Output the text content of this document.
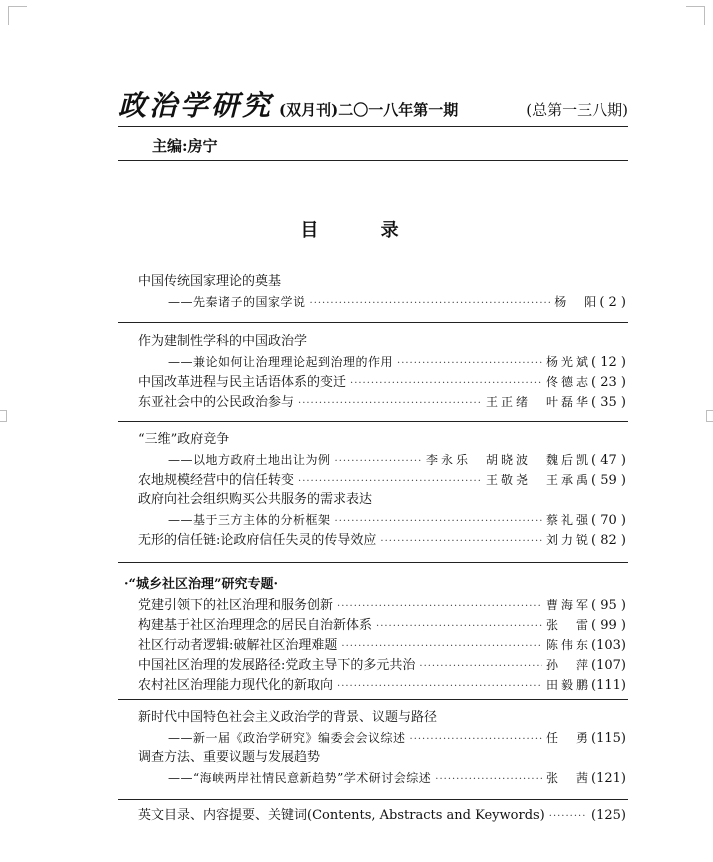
政治学研究 (双月刊)二〇一八年第一期	(总第一三八期)
主编:房宁
目 录
中国传统国家理论的奠基
——先秦诸子的国家学说 ·····	杨　阳 ( 2 )
作为建制性学科的中国政治学
——兼论如何让治理理论起到治理的作用 ·····	杨光斌 ( 12 )
中国改革进程与民主话语体系的变迁 ·····	佟德志 ( 23 )
东亚社会中的公民政治参与 ·····	王正绪　叶磊华 ( 35 )
“三维”政府竞争
——以地方政府土地出让为例 ·····	李永乐　胡晓波　魏后凯 ( 47 )
农地规模经营中的信任转变 ·····	王敬尧　王承禹 ( 59 )
政府向社会组织购买公共服务的需求表达
——基于三方主体的分析框架 ·····	蔡礼强 ( 70 )
无形的信任链:论政府信任失灵的传导效应 ·····	刘力锐 ( 82 )
·“城乡社区治理”研究专题·
党建引领下的社区治理和服务创新 ·····	曹海军 ( 95 )
构建基于社区治理理念的居民自治新体系 ·····	张　雷 ( 99 )
社区行动者逻辑:破解社区治理难题 ·····	陈伟东 (103)
中国社区治理的发展路径:党政主导下的多元共治 ·····	孙　萍 (107)
农村社区治理能力现代化的新取向 ·····	田毅鹏 (111)
新时代中国特色社会主义政治学的背景、议题与路径
——新一届《政治学研究》编委会会议综述 ·····	任　勇 (115)
调查方法、重要议题与发展趋势
——“海峡两岸社情民意新趋势”学术研讨会综述 ·····	张　茜 (121)
英文目录、内容提要、关键词(Contents, Abstracts and Keywords) ·····	(125)
